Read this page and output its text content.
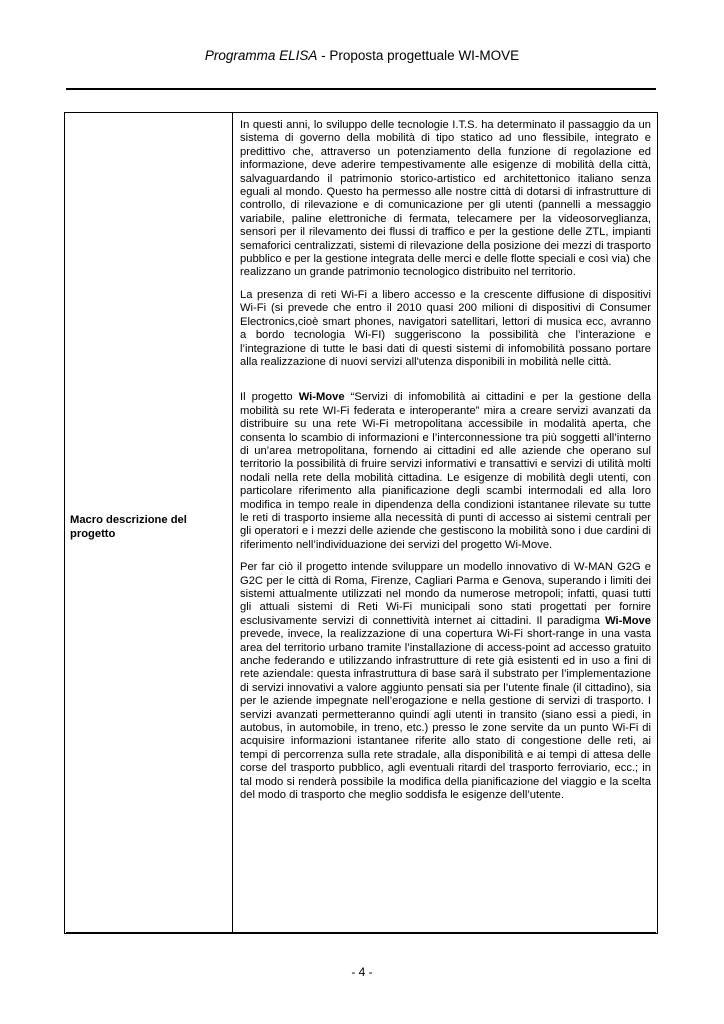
Programma ELISA - Proposta progettuale WI-MOVE
Macro descrizione del progetto

In questi anni, lo sviluppo delle tecnologie I.T.S. ha determinato il passaggio da un sistema di governo della mobilità di tipo statico ad uno flessibile, integrato e predittivo che, attraverso un potenziamento della funzione di regolazione ed informazione, deve aderire tempestivamente alle esigenze di mobilità della città, salvaguardando il patrimonio storico-artistico ed architettonico italiano senza eguali al mondo. Questo ha permesso alle nostre città di dotarsi di infrastrutture di controllo, di rilevazione e di comunicazione per gli utenti (pannelli a messaggio variabile, paline elettroniche di fermata, telecamere per la videosorveglianza, sensori per il rilevamento dei flussi di traffico e per la gestione delle ZTL, impianti semaforici centralizzati, sistemi di rilevazione della posizione dei mezzi di trasporto pubblico e per la gestione integrata delle merci e delle flotte speciali e così via) che realizzano un grande patrimonio tecnologico distribuito nel territorio.

La presenza di reti Wi-Fi a libero accesso e la crescente diffusione di dispositivi Wi-Fi (si prevede che entro il 2010 quasi 200 milioni di dispositivi di Consumer Electronics,cioè smart phones, navigatori satellitari, lettori di musica ecc, avranno a bordo tecnologia Wi-FI) suggeriscono la possibilità che l’interazione e l’integrazione di tutte le basi dati di questi sistemi di infomobilità possano portare alla realizzazione di nuovi servizi all'utenza disponibili in mobilità nelle città.

Il progetto Wi-Move “Servizi di infomobilità ai cittadini e per la gestione della mobilità su rete WI-Fi federata e interoperante” mira a creare servizi avanzati da distribuire su una rete Wi-Fi metropolitana accessibile in modalità aperta, che consenta lo scambio di informazioni e l’interconnessione tra più soggetti all’interno di un’area metropolitana, fornendo ai cittadini ed alle aziende che operano sul territorio la possibilità di fruire servizi informativi e transattivi e servizi di utilità molti nodali nella rete della mobilità cittadina. Le esigenze di mobilità degli utenti, con particolare riferimento alla pianificazione degli scambi intermodali ed alla loro modifica in tempo reale in dipendenza della condizioni istantanee rilevate su tutte le reti di trasporto insieme alla necessità di punti di accesso ai sistemi centrali per gli operatori e i mezzi delle aziende che gestiscono la mobilità sono i due cardini di riferimento nell’individuazione dei servizi del progetto Wi-Move.

Per far ciò il progetto intende sviluppare un modello innovativo di W-MAN G2G e G2C per le città di Roma, Firenze, Cagliari Parma e Genova, superando i limiti dei sistemi attualmente utilizzati nel mondo da numerose metropoli; infatti, quasi tutti gli attuali sistemi di Reti Wi-Fi municipali sono stati progettati per fornire esclusivamente servizi di connettività internet ai cittadini. Il paradigma Wi-Move prevede, invece, la realizzazione di una copertura Wi-Fi short-range in una vasta area del territorio urbano tramite l’installazione di access-point ad accesso gratuito anche federando e utilizzando infrastrutture di rete già esistenti ed in uso a fini di rete aziendale: questa infrastruttura di base sarà il substrato per l’implementazione di servizi innovativi a valore aggiunto pensati sia per l’utente finale (il cittadino), sia per le aziende impegnate nell’erogazione e nella gestione di servizi di trasporto. I servizi avanzati permetteranno quindi agli utenti in transito (siano essi a piedi, in autobus, in automobile, in treno, etc.) presso le zone servite da un punto Wi-Fi di acquisire informazioni istantanee riferite allo stato di congestione delle reti, ai tempi di percorrenza sulla rete stradale, alla disponibilità e ai tempi di attesa delle corse del trasporto pubblico, agli eventuali ritardi del trasporto ferroviario, ecc.; in tal modo si renderà possibile la modifica della pianificazione del viaggio e la scelta del modo di trasporto che meglio soddisfa le esigenze dell’utente.

- 4 -
